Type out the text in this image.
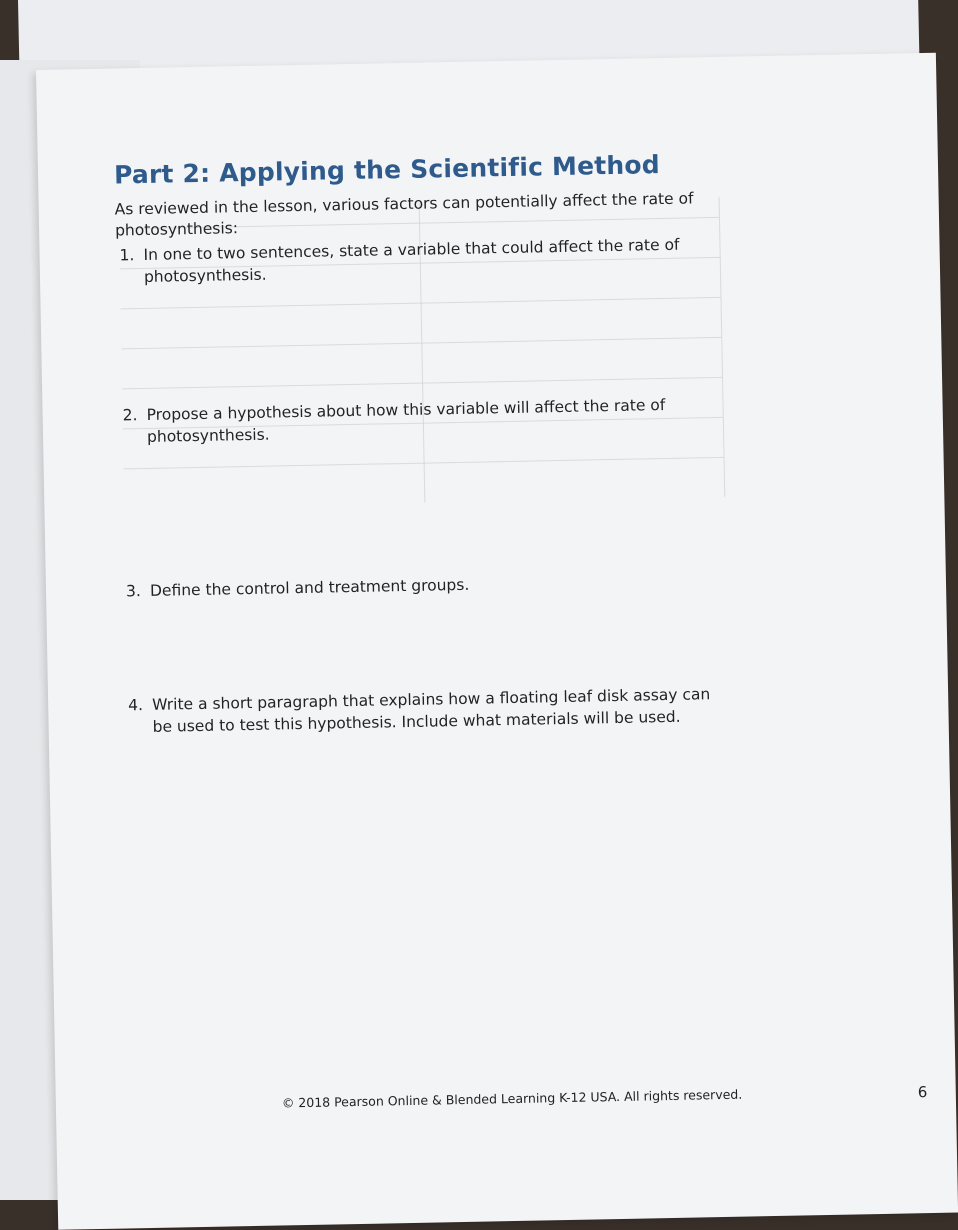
Part 2: Applying the Scientific Method

As reviewed in the lesson, various factors can potentially affect the rate of photosynthesis:

1. In one to two sentences, state a variable that could affect the rate of photosynthesis.
2. Propose a hypothesis about how this variable will affect the rate of photosynthesis.
3. Define the control and treatment groups.
4. Write a short paragraph that explains how a floating leaf disk assay can be used to test this hypothesis. Include what materials will be used.
© 2018 Pearson Online & Blended Learning K-12 USA. All rights reserved.	6
